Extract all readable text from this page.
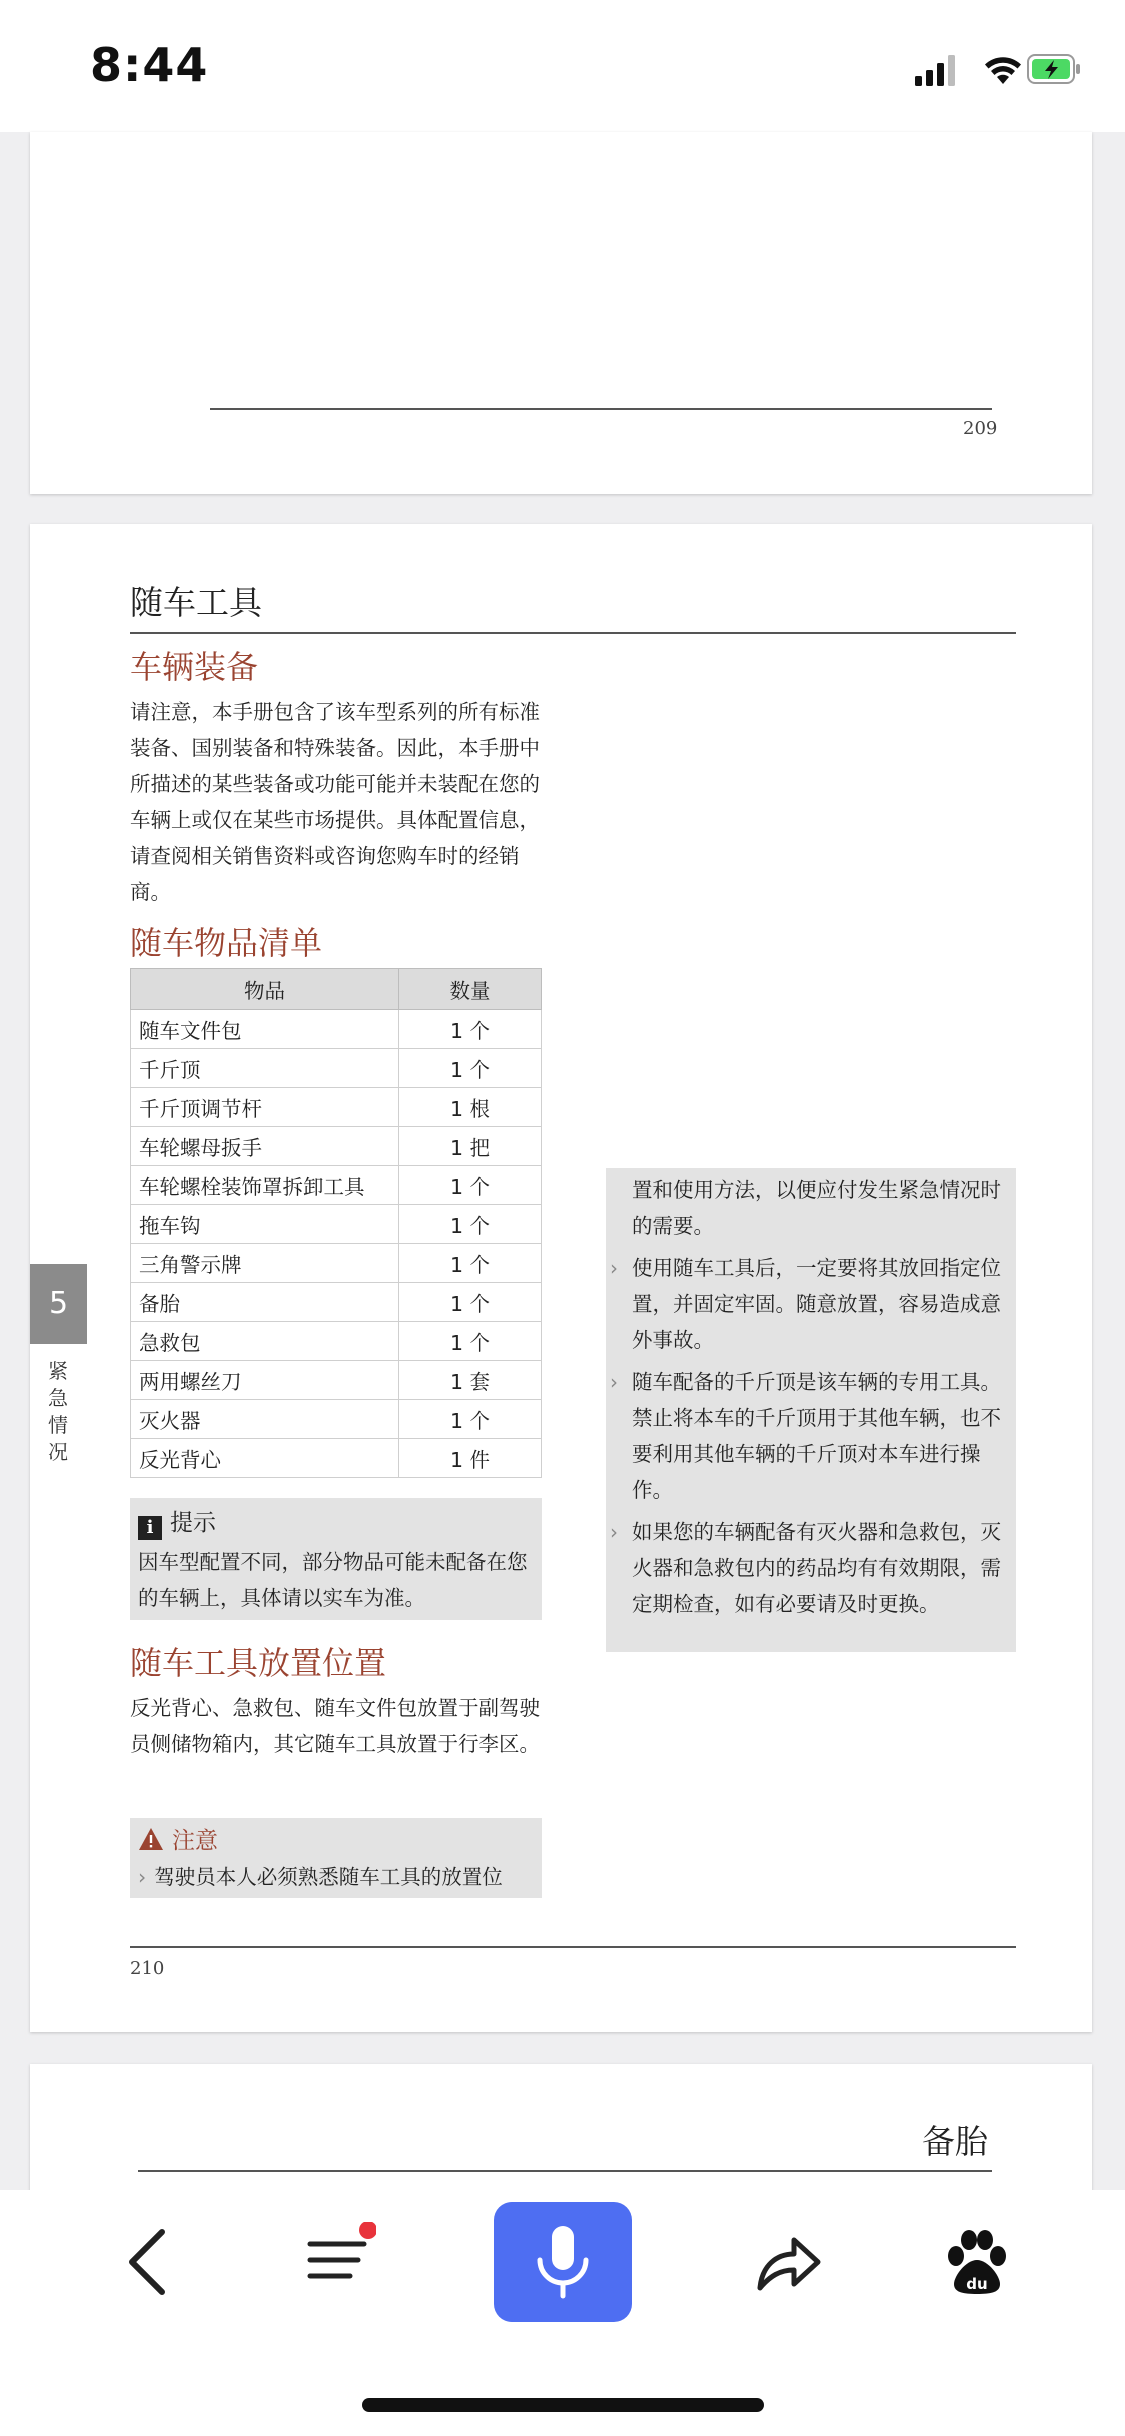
8:44
209
210
置和使用方法，以便应付发生紧急情况时的需要。
› 使用随车工具后，一定要将其放回指定位置，并固定牢固。随意放置，容易造成意外事故。
› 随车配备的千斤顶是该车辆的专用工具。禁止将本车的千斤顶用于其他车辆，也不要利用其他车辆的千斤顶对本车进行操作。
› 如果您的车辆配备有灭火器和急救包，灭火器和急救包内的药品均有有效期限，需定期检查，如有必要请及时更换。
随车工具
车辆装备
请注意，本手册包含了该车型系列的所有标准装备、国别装备和特殊装备。因此，本手册中所描述的某些装备或功能可能并未装配在您的车辆上或仅在某些市场提供。具体配置信息，请查阅相关销售资料或咨询您购车时的经销商。
随车物品清单
物品	数量
随车文件包	1 个
千斤顶	1 个
千斤顶调节杆	1 根
车轮螺母扳手	1 把
车轮螺栓装饰罩拆卸工具	1 个
拖车钩	1 个
三角警示牌	1 个
备胎	1 个
急救包	1 个
两用螺丝刀	1 套
灭火器	1 个
反光背心	1 件
i 提示
因车型配置不同，部分物品可能未配备在您的车辆上，具体请以实车为准。
随车工具放置位置
反光背心、急救包、随车文件包放置于副驾驶员侧储物箱内，其它随车工具放置于行李区。
注意
› 驾驶员本人必须熟悉随车工具的放置位
5
紧急情况
备胎
du
